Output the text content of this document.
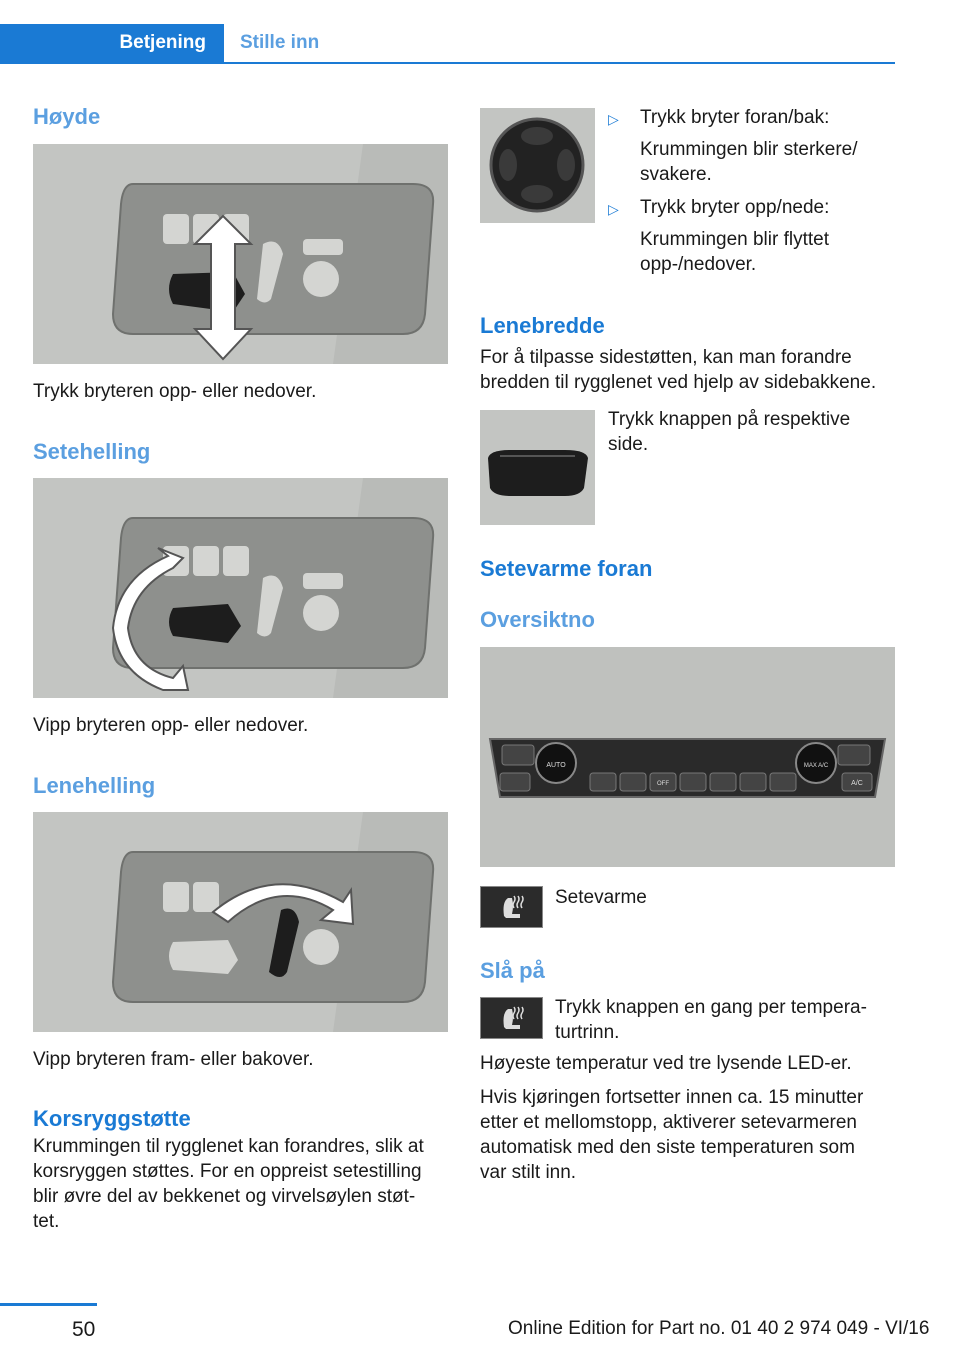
Betjening Stille inn
Høyde
Trykk bryteren opp- eller nedover.
Setehelling
Vipp bryteren opp- eller nedover.
Lenehelling
Vipp bryteren fram- eller bakover.
Korsryggstøtte
Krummingen til rygglenet kan forandres, slik at
korsryggen støttes. For en oppreist setestilling
blir øvre del av bekkenet og virvelsøylen støt-
tet.
▷ Trykk bryter foran/bak:
Krummingen blir sterkere/
svakere.
▷ Trykk bryter opp/nede:
Krummingen blir flyttet
opp-/nedover.
Lenebredde
For å tilpasse sidestøtten, kan man forandre
bredden til rygglenet ved hjelp av sidebakkene.
Trykk knappen på respektive
side.
Setevarme foran
Oversiktno
AUTO	MAX A/C
A/C
OFF
Setevarme
Slå på
Trykk knappen en gang per tempera-
turtrinn.
Høyeste temperatur ved tre lysende LED-er.
Hvis kjøringen fortsetter innen ca. 15 minutter
etter et mellomstopp, aktiverer setevarmeren
automatisk med den siste temperaturen som
var stilt inn.
50	Online Edition for Part no. 01 40 2 974 049 - VI/16
